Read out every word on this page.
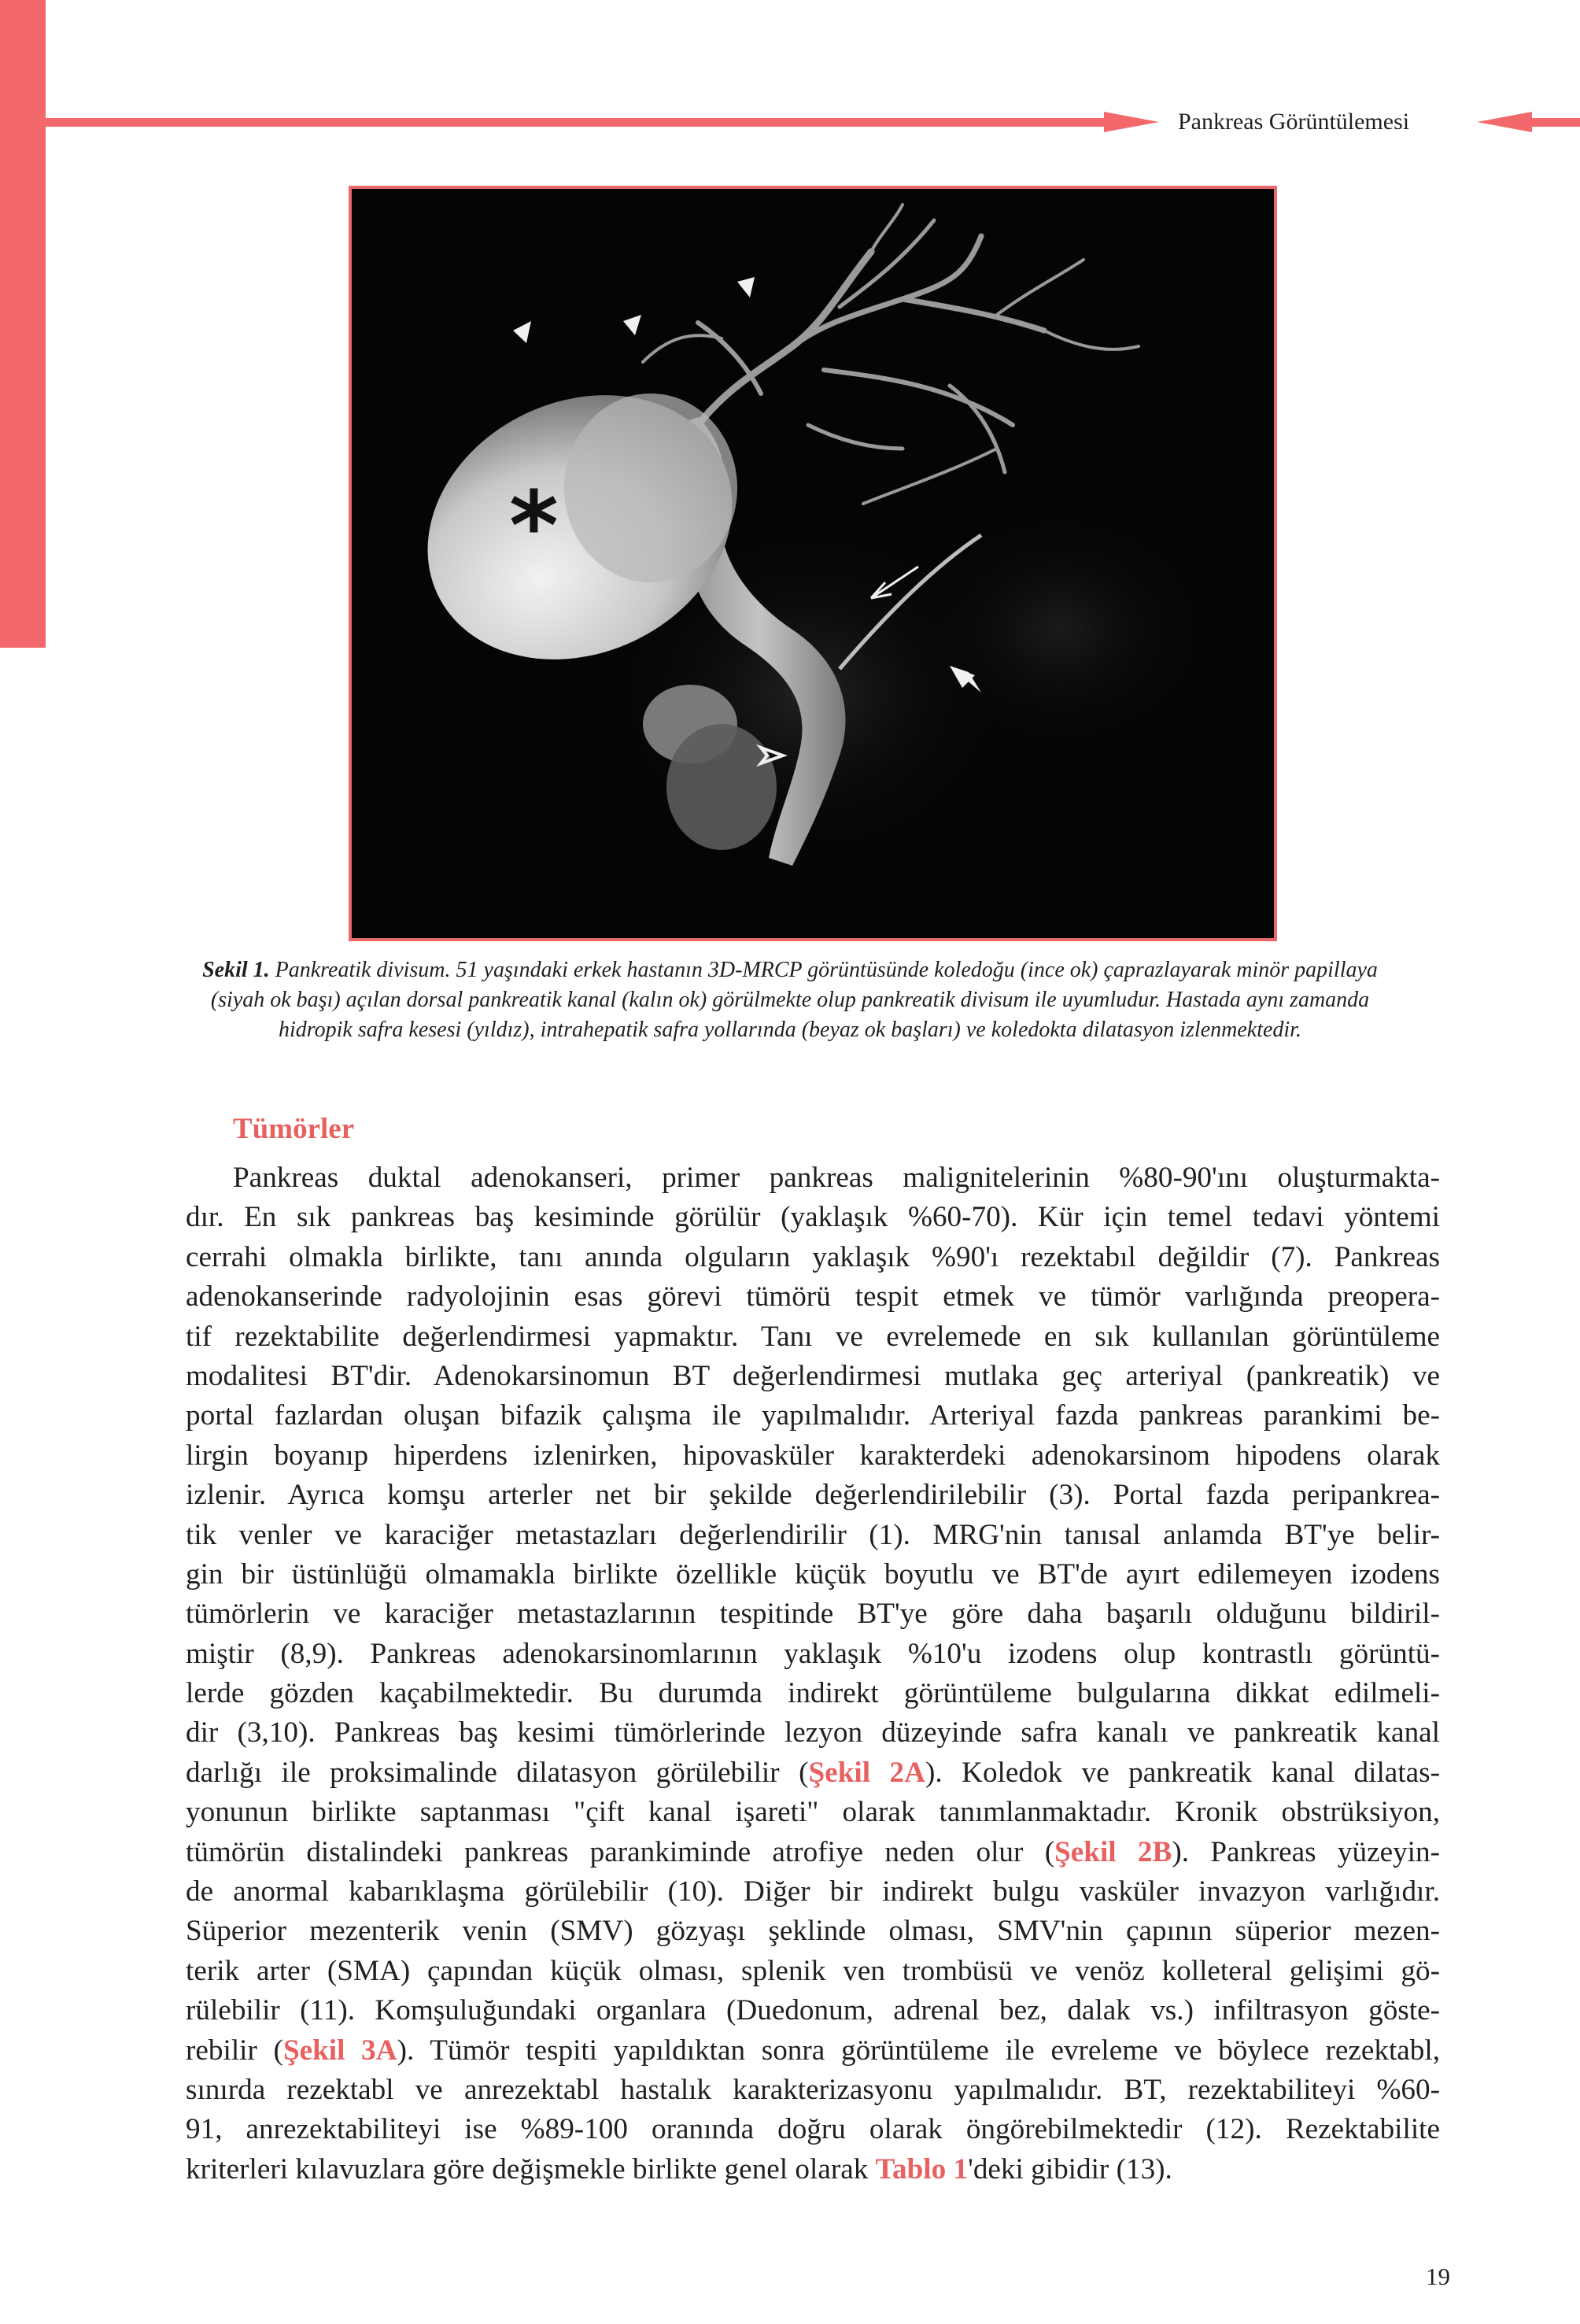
Pankreas Görüntülemesi
*
Sekil 1. Pankreatik divisum. 51 yaşındaki erkek hastanın 3D-MRCP görüntüsünde koledoğu (ince ok) çaprazlayarak minör papillaya (siyah ok başı) açılan dorsal pankreatik kanal (kalın ok) görülmekte olup pankreatik divisum ile uyumludur. Hastada aynı zamanda hidropik safra kesesi (yıldız), intrahepatik safra yollarında (beyaz ok başları) ve koledokta dilatasyon izlenmektedir.
Tümörler
Pankreas duktal adenokanseri, primer pankreas malignitelerinin %80-90'ını oluşturmakta-
dır. En sık pankreas baş kesiminde görülür (yaklaşık %60-70). Kür için temel tedavi yöntemi
cerrahi olmakla birlikte, tanı anında olguların yaklaşık %90'ı rezektabıl değildir (7). Pankreas
adenokanserinde radyolojinin esas görevi tümörü tespit etmek ve tümör varlığında preopera-
tif rezektabilite değerlendirmesi yapmaktır. Tanı ve evrelemede en sık kullanılan görüntüleme
modalitesi BT'dir. Adenokarsinomun BT değerlendirmesi mutlaka geç arteriyal (pankreatik) ve
portal fazlardan oluşan bifazik çalışma ile yapılmalıdır. Arteriyal fazda pankreas parankimi be-
lirgin boyanıp hiperdens izlenirken, hipovasküler karakterdeki adenokarsinom hipodens olarak
izlenir. Ayrıca komşu arterler net bir şekilde değerlendirilebilir (3). Portal fazda peripankrea-
tik venler ve karaciğer metastazları değerlendirilir (1). MRG'nin tanısal anlamda BT'ye belir-
gin bir üstünlüğü olmamakla birlikte özellikle küçük boyutlu ve BT'de ayırt edilemeyen izodens
tümörlerin ve karaciğer metastazlarının tespitinde BT'ye göre daha başarılı olduğunu bildiril-
miştir (8,9). Pankreas adenokarsinomlarının yaklaşık %10'u izodens olup kontrastlı görüntü-
lerde gözden kaçabilmektedir. Bu durumda indirekt görüntüleme bulgularına dikkat edilmeli-
dir (3,10). Pankreas baş kesimi tümörlerinde lezyon düzeyinde safra kanalı ve pankreatik kanal
darlığı ile proksimalinde dilatasyon görülebilir (Şekil 2A). Koledok ve pankreatik kanal dilatas-
yonunun birlikte saptanması "çift kanal işareti" olarak tanımlanmaktadır. Kronik obstrüksiyon,
tümörün distalindeki pankreas parankiminde atrofiye neden olur (Şekil 2B). Pankreas yüzeyin-
de anormal kabarıklaşma görülebilir (10). Diğer bir indirekt bulgu vasküler invazyon varlığıdır.
Süperior mezenterik venin (SMV) gözyaşı şeklinde olması, SMV'nin çapının süperior mezen-
terik arter (SMA) çapından küçük olması, splenik ven trombüsü ve venöz kolleteral gelişimi gö-
rülebilir (11). Komşuluğundaki organlara (Duedonum, adrenal bez, dalak vs.) infiltrasyon göste-
rebilir (Şekil 3A). Tümör tespiti yapıldıktan sonra görüntüleme ile evreleme ve böylece rezektabl,
sınırda rezektabl ve anrezektabl hastalık karakterizasyonu yapılmalıdır. BT, rezektabiliteyi %60-
91, anrezektabiliteyi ise %89-100 oranında doğru olarak öngörebilmektedir (12). Rezektabilite
kriterleri kılavuzlara göre değişmekle birlikte genel olarak Tablo 1'deki gibidir (13).
19
